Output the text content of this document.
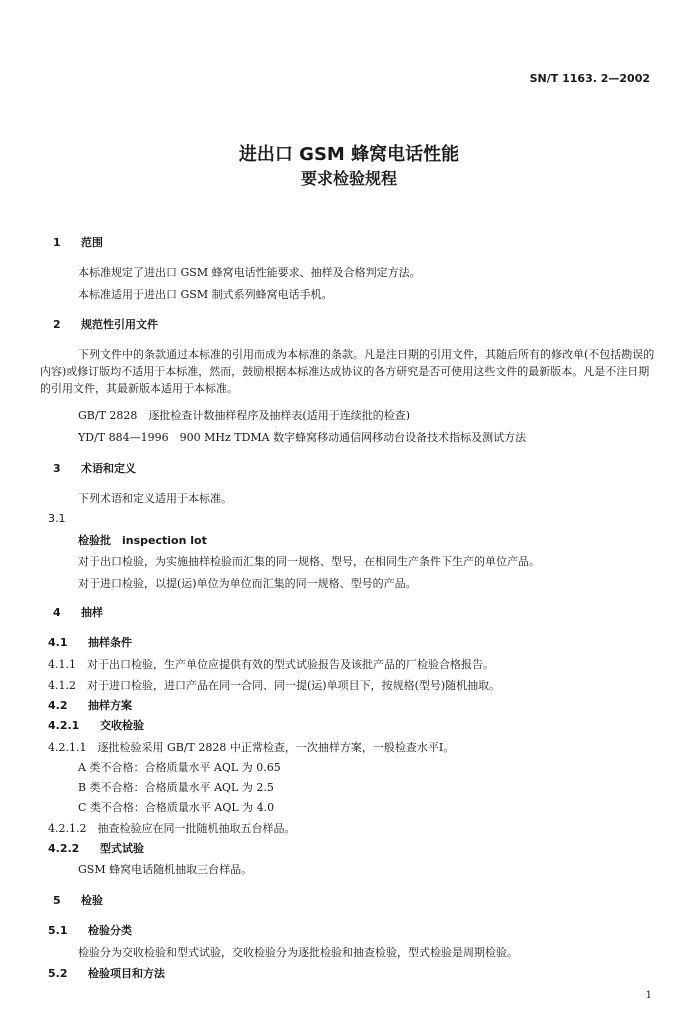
SN/T 1163. 2—2002
进出口 GSM 蜂窝电话性能
要求检验规程
1 范围
本标准规定了进出口 GSM 蜂窝电话性能要求、抽样及合格判定方法。
本标准适用于进出口 GSM 制式系列蜂窝电话手机。
2 规范性引用文件
下列文件中的条款通过本标准的引用而成为本标准的条款。凡是注日期的引用文件，其随后所有的修改单(不包括勘误的内容)或修订版均不适用于本标准，然而，鼓励根据本标准达成协议的各方研究是否可使用这些文件的最新版本。凡是不注日期的引用文件，其最新版本适用于本标准。
GB/T 2828　逐批检查计数抽样程序及抽样表(适用于连续批的检查)
YD/T 884—1996　900 MHz TDMA 数字蜂窝移动通信网移动台设备技术指标及测试方法
3 术语和定义
下列术语和定义适用于本标准。
3.1
检验批　inspection lot
对于出口检验，为实施抽样检验而汇集的同一规格、型号，在相同生产条件下生产的单位产品。
对于进口检验，以提(运)单位为单位而汇集的同一规格、型号的产品。
4 抽样
4.1 抽样条件
4.1.1　对于出口检验，生产单位应提供有效的型式试验报告及该批产品的厂检验合格报告。
4.1.2　对于进口检验，进口产品在同一合同、同一提(运)单项目下，按规格(型号)随机抽取。
4.2 抽样方案
4.2.1 交收检验
4.2.1.1　逐批检验采用 GB/T 2828 中正常检查，一次抽样方案，一般检查水平Ⅰ。
A 类不合格：合格质量水平 AQL 为 0.65
B 类不合格：合格质量水平 AQL 为 2.5
C 类不合格：合格质量水平 AQL 为 4.0
4.2.1.2　抽查检验应在同一批随机抽取五台样品。
4.2.2 型式试验
GSM 蜂窝电话随机抽取三台样品。
5 检验
5.1 检验分类
检验分为交收检验和型式试验，交收检验分为逐批检验和抽查检验，型式检验是周期检验。
5.2 检验项目和方法
1
